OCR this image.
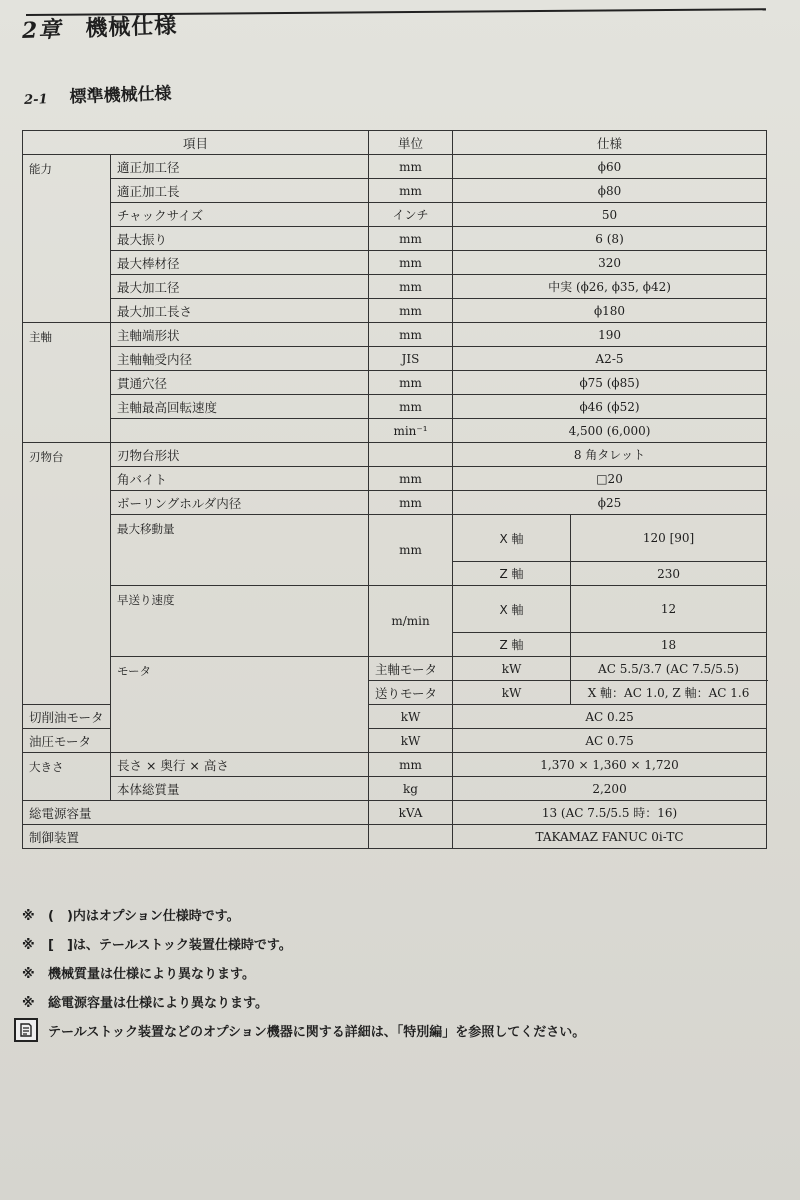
2章 機械仕様
2-1 標準機械仕様
項目		単位	仕様	
能力	適正加工径	mm	ϕ60	
	適正加工長	mm	ϕ80	
	チャックサイズ	インチ	50	
	最大振り	mm	6 (8)	
	最大棒材径	mm	320	
	最大加工径	mm	中実 (ϕ26, ϕ35, ϕ42)	
	最大加工長さ	mm	ϕ180	
主軸	主軸端形状	mm	190	
	主軸軸受内径	JIS	A2-5	
	貫通穴径	mm	ϕ75 (ϕ85)	
	主軸最高回転速度	mm	ϕ46 (ϕ52)	
		min⁻¹	4,500 (6,000)	
刃物台	刃物台形状		8 角タレット	
	角バイト	mm	□20	
	ボーリングホルダ内径	mm	ϕ25	
	最大移動量	mm	X 軸	120 [90]
			Z 軸	230
	早送り速度	m/min	X 軸	12
			Z 軸	18
	モータ	主軸モータ	kW	AC 5.5/3.7 (AC 7.5/5.5)
		送りモータ	kW	X 軸：AC 1.0, Z 軸：AC 1.6
切削油モータ		kW	AC 0.25	
油圧モータ		kW	AC 0.75	
大きさ	長さ × 奥行 × 高さ	mm	1,370 × 1,360 × 1,720	
	本体総質量	kg	2,200	
総電源容量		kVA	13 (AC 7.5/5.5 時：16)	
制御装置			TAKAMAZ FANUC 0i-TC	
※	(　)内はオプション仕様時です。
※	[　]は、テールストック装置仕様時です。
※	機械質量は仕様により異なります。
※	総電源容量は仕様により異なります。
テールストック装置などのオプション機器に関する詳細は、「特別編」を参照してください。
